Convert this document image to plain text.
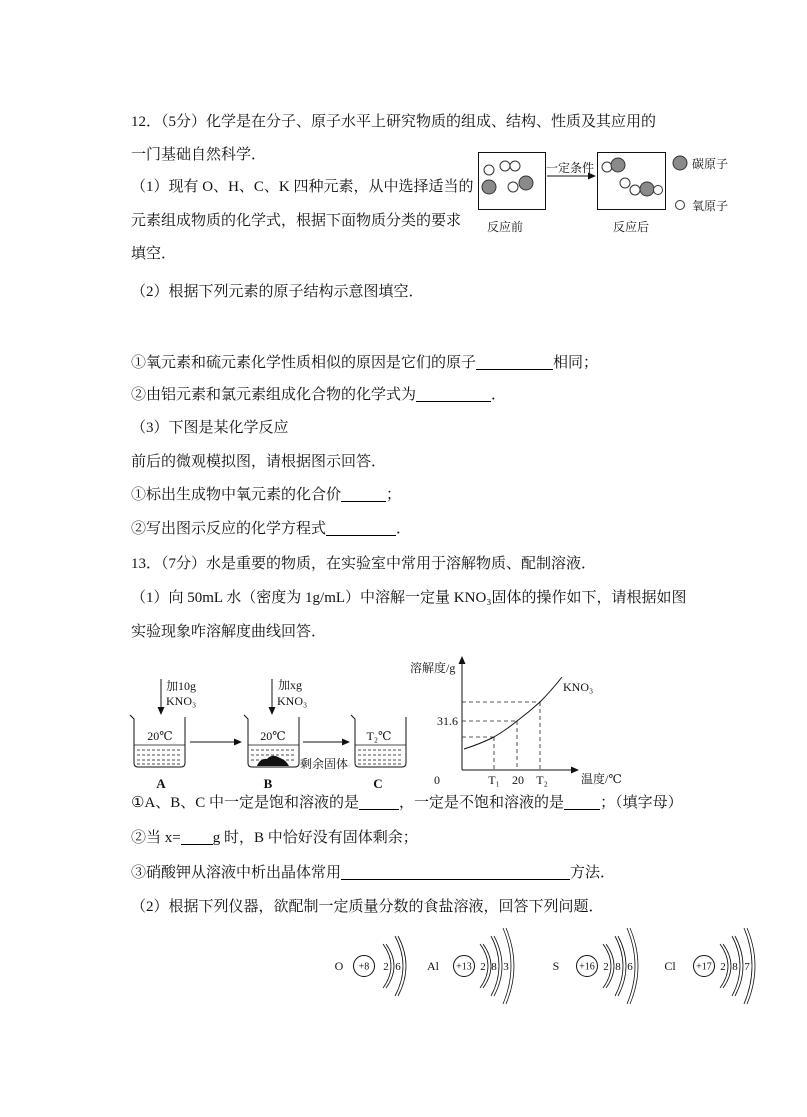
反应前
一定条件
反应后
碳原子
氧原子
加10g
KNO₃
20℃
A
加xg
KNO₃
20℃
B
剩余固体
T₂℃
C
溶解度/g
KNO₃
31.6
0	T₁ 20 T₂	温度/℃
O +8 2 6 Al +13 2 8 3	S +16 2 8 6	Cl +17 2 8 7
12．（5分）化学是在分子、原子水平上研究物质的组成、结构、性质及其应用的
一门基础自然科学．
（1）现有 O、H、C、K 四种元素，从中选择适当的
元素组成物质的化学式，根据下面物质分类的要求
填空．
（2）根据下列元素的原子结构示意图填空．
①氧元素和硫元素化学性质相似的原因是它们的原子	相同；
②由铝元素和氯元素组成化合物的化学式为	．
（3）下图是某化学反应
前后的微观模拟图，请根据图示回答．
①标出生成物中氧元素的化合价	；
②写出图示反应的化学方程式	．
13．（7分）水是重要的物质，在实验室中常用于溶解物质、配制溶液．
（1）向 50mL 水（密度为 1g/mL）中溶解一定量 KNO₃固体的操作如下，请根据如图
实验现象咋溶解度曲线回答．
①A、B、C 中一定是饱和溶液的是	，一定是不饱和溶液的是 ；（填字母）
②当 x= g 时，B 中恰好没有固体剩余；
③硝酸钾从溶液中析出晶体常用	方法．
（2）根据下列仪器，欲配制一定质量分数的食盐溶液，回答下列问题．
